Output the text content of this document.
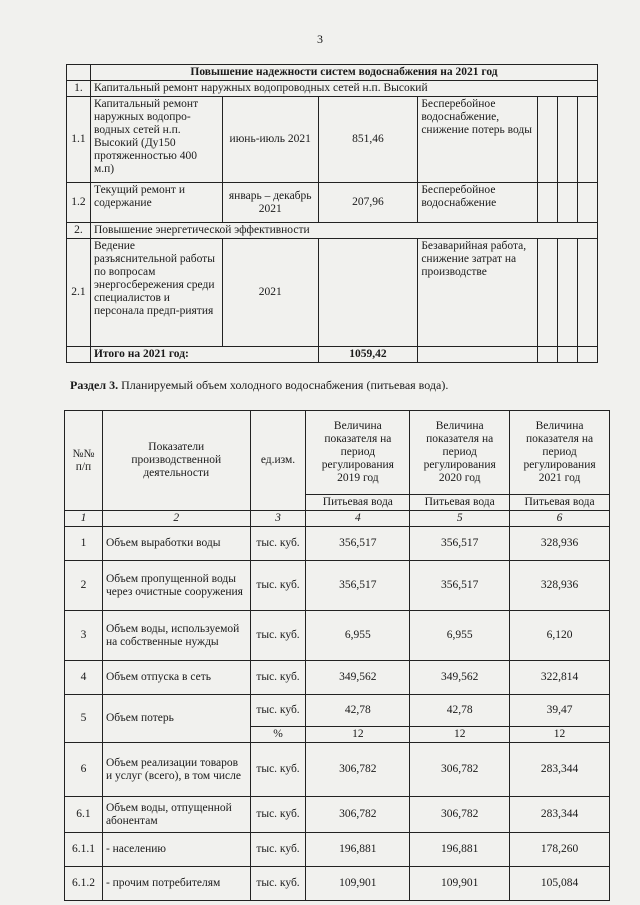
3
	Повышение надежности систем водоснабжения на 2021 год						
1.	Капитальный ремонт наружных водопроводных сетей н.п. Высокий						
1.1	Капитальный ремонт наружных водопро-водных сетей н.п. Высокий (Ду150 протяженностью 400 м.п)	июнь-июль 2021	851,46	Бесперебойное водоснабжение, снижение потерь воды			
1.2	Текущий ремонт и содержание	январь – декабрь 2021	207,96	Бесперебойное водоснабжение			
2.	Повышение энергетической эффективности						
2.1	Ведение разъяснительной работы по вопросам энергосбережения среди специалистов и персонала предп-риятия	2021		Безаварийная работа, снижение затрат на производстве			
	Итого на 2021 год:		1059,42				
Раздел 3. Планируемый объем холодного водоснабжения (питьевая вода).
№№ п/п	Показатели производственной деятельности	ед.изм.	Величина показателя на период регулирования 2019 год	Величина показателя на период регулирования 2020 год	Величина показателя на период регулирования 2021 год
			Питьевая вода	Питьевая вода	Питьевая вода
1	2	3	4	5	6
1	Объем выработки воды	тыс. куб.	356,517	356,517	328,936
2	Объем пропущенной воды через очистные сооружения	тыс. куб.	356,517	356,517	328,936
3	Объем воды, используемой на собственные нужды	тыс. куб.	6,955	6,955	6,120
4	Объем отпуска в сеть	тыс. куб.	349,562	349,562	322,814
5	Объем потерь	тыс. куб.	42,78	42,78	39,47
		%	12	12	12
6	Объем реализации товаров и услуг (всего), в том числе	тыс. куб.	306,782	306,782	283,344
6.1	Объем воды, отпущенной абонентам	тыс. куб.	306,782	306,782	283,344
6.1.1	- населению	тыс. куб.	196,881	196,881	178,260
6.1.2	- прочим потребителям	тыс. куб.	109,901	109,901	105,084
